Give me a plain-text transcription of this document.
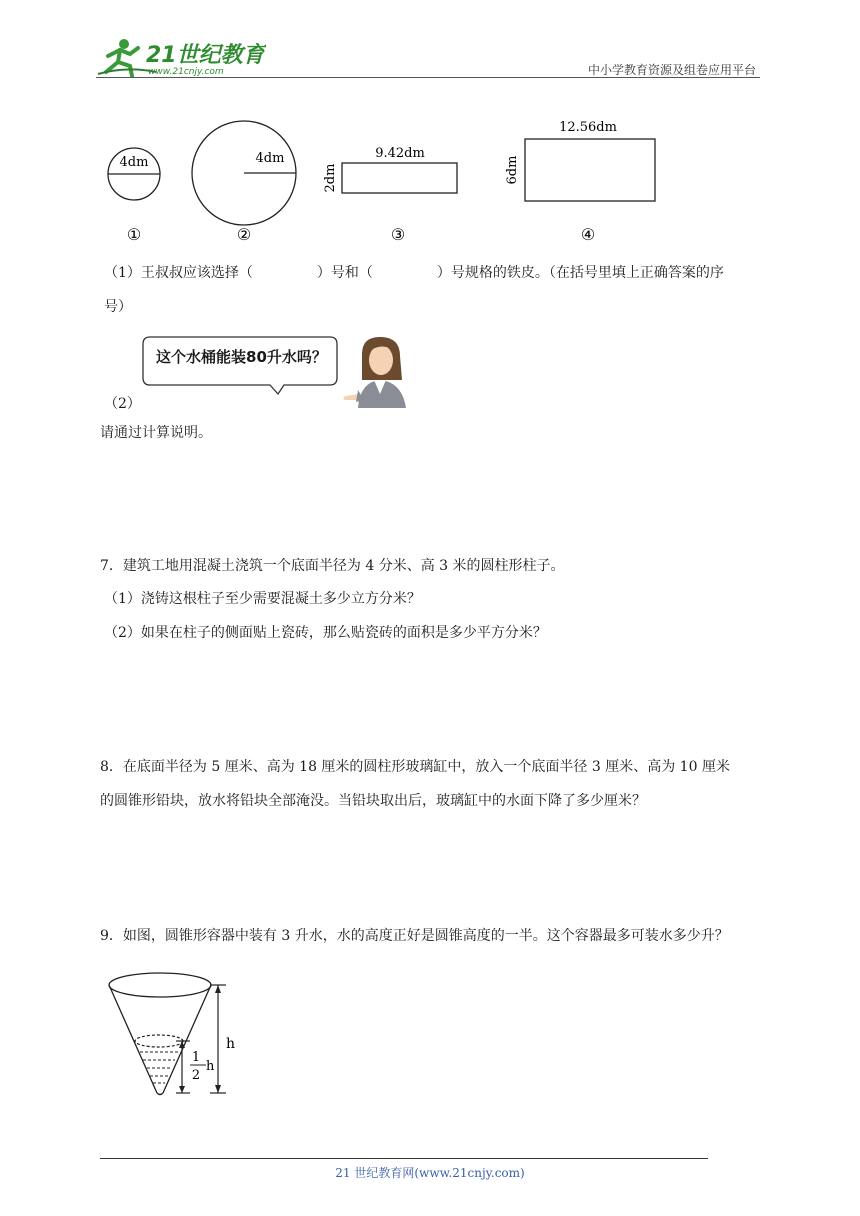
21世纪教育
www.21cnjy.com	中小学教育资源及组卷应用平台
4dm
①
4dm
②
9.42dm
2dm
③
12.56dm
6dm
④
（1）王叔叔应该选择（	）号和（	）号规格的铁皮。（在括号里填上正确答案的序
号）
这个水桶能装80升水吗？
（2）
请通过计算说明。
7．建筑工地用混凝土浇筑一个底面半径为 4 分米、高 3 米的圆柱形柱子。
（1）浇铸这根柱子至少需要混凝土多少立方分米？
（2）如果在柱子的侧面贴上瓷砖，那么贴瓷砖的面积是多少平方分米？
8．在底面半径为 5 厘米、高为 18 厘米的圆柱形玻璃缸中，放入一个底面半径 3 厘米、高为 10 厘米
的圆锥形铅块，放水将铅块全部淹没。当铅块取出后，玻璃缸中的水面下降了多少厘米？
9．如图，圆锥形容器中装有 3 升水，水的高度正好是圆锥高度的一半。这个容器最多可装水多少升？
h
1
2
h
21 世纪教育网(www.21cnjy.com)
